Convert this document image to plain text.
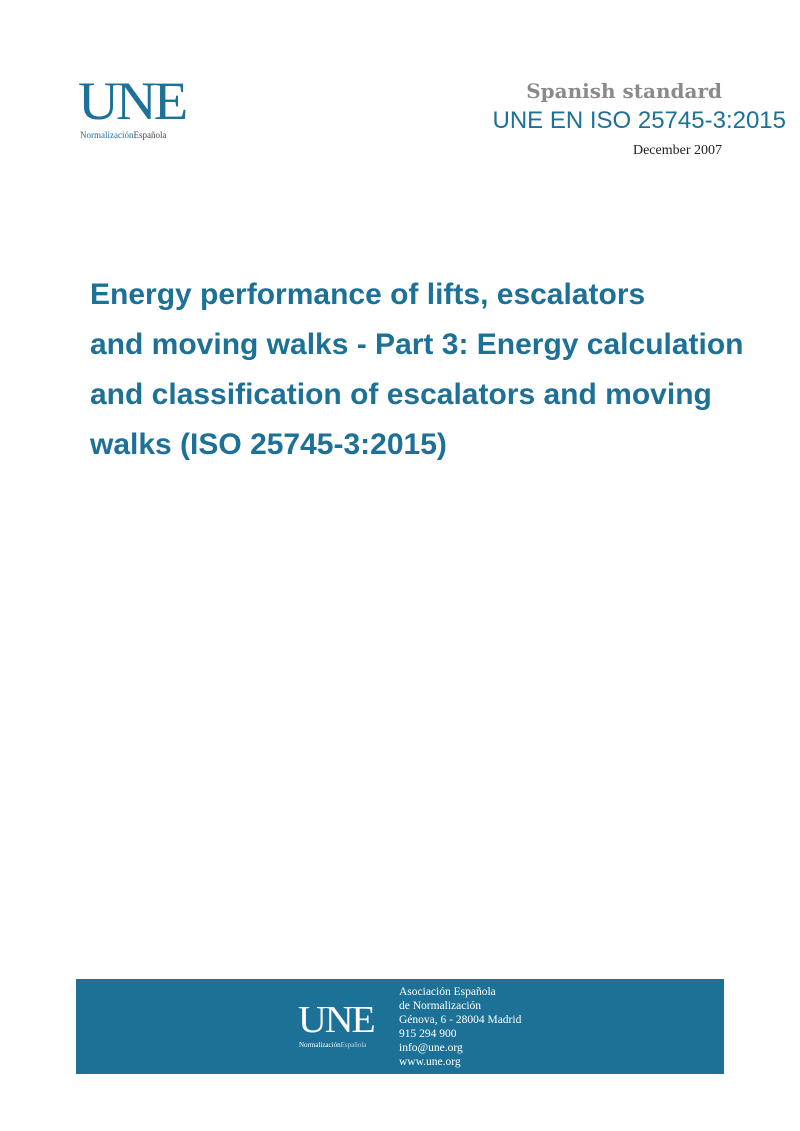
UNE
NormalizaciónEspañola
Spanish standard
UNE EN ISO 25745-3:2015
December 2007
Energy performance of lifts, escalators
and moving walks - Part 3: Energy calculation
and classification of escalators and moving
walks (ISO 25745-3:2015)
UNE
NormalizaciónEspañola
Asociación Española
de Normalización
Génova, 6 - 28004 Madrid
915 294 900
info@une.org
www.une.org
